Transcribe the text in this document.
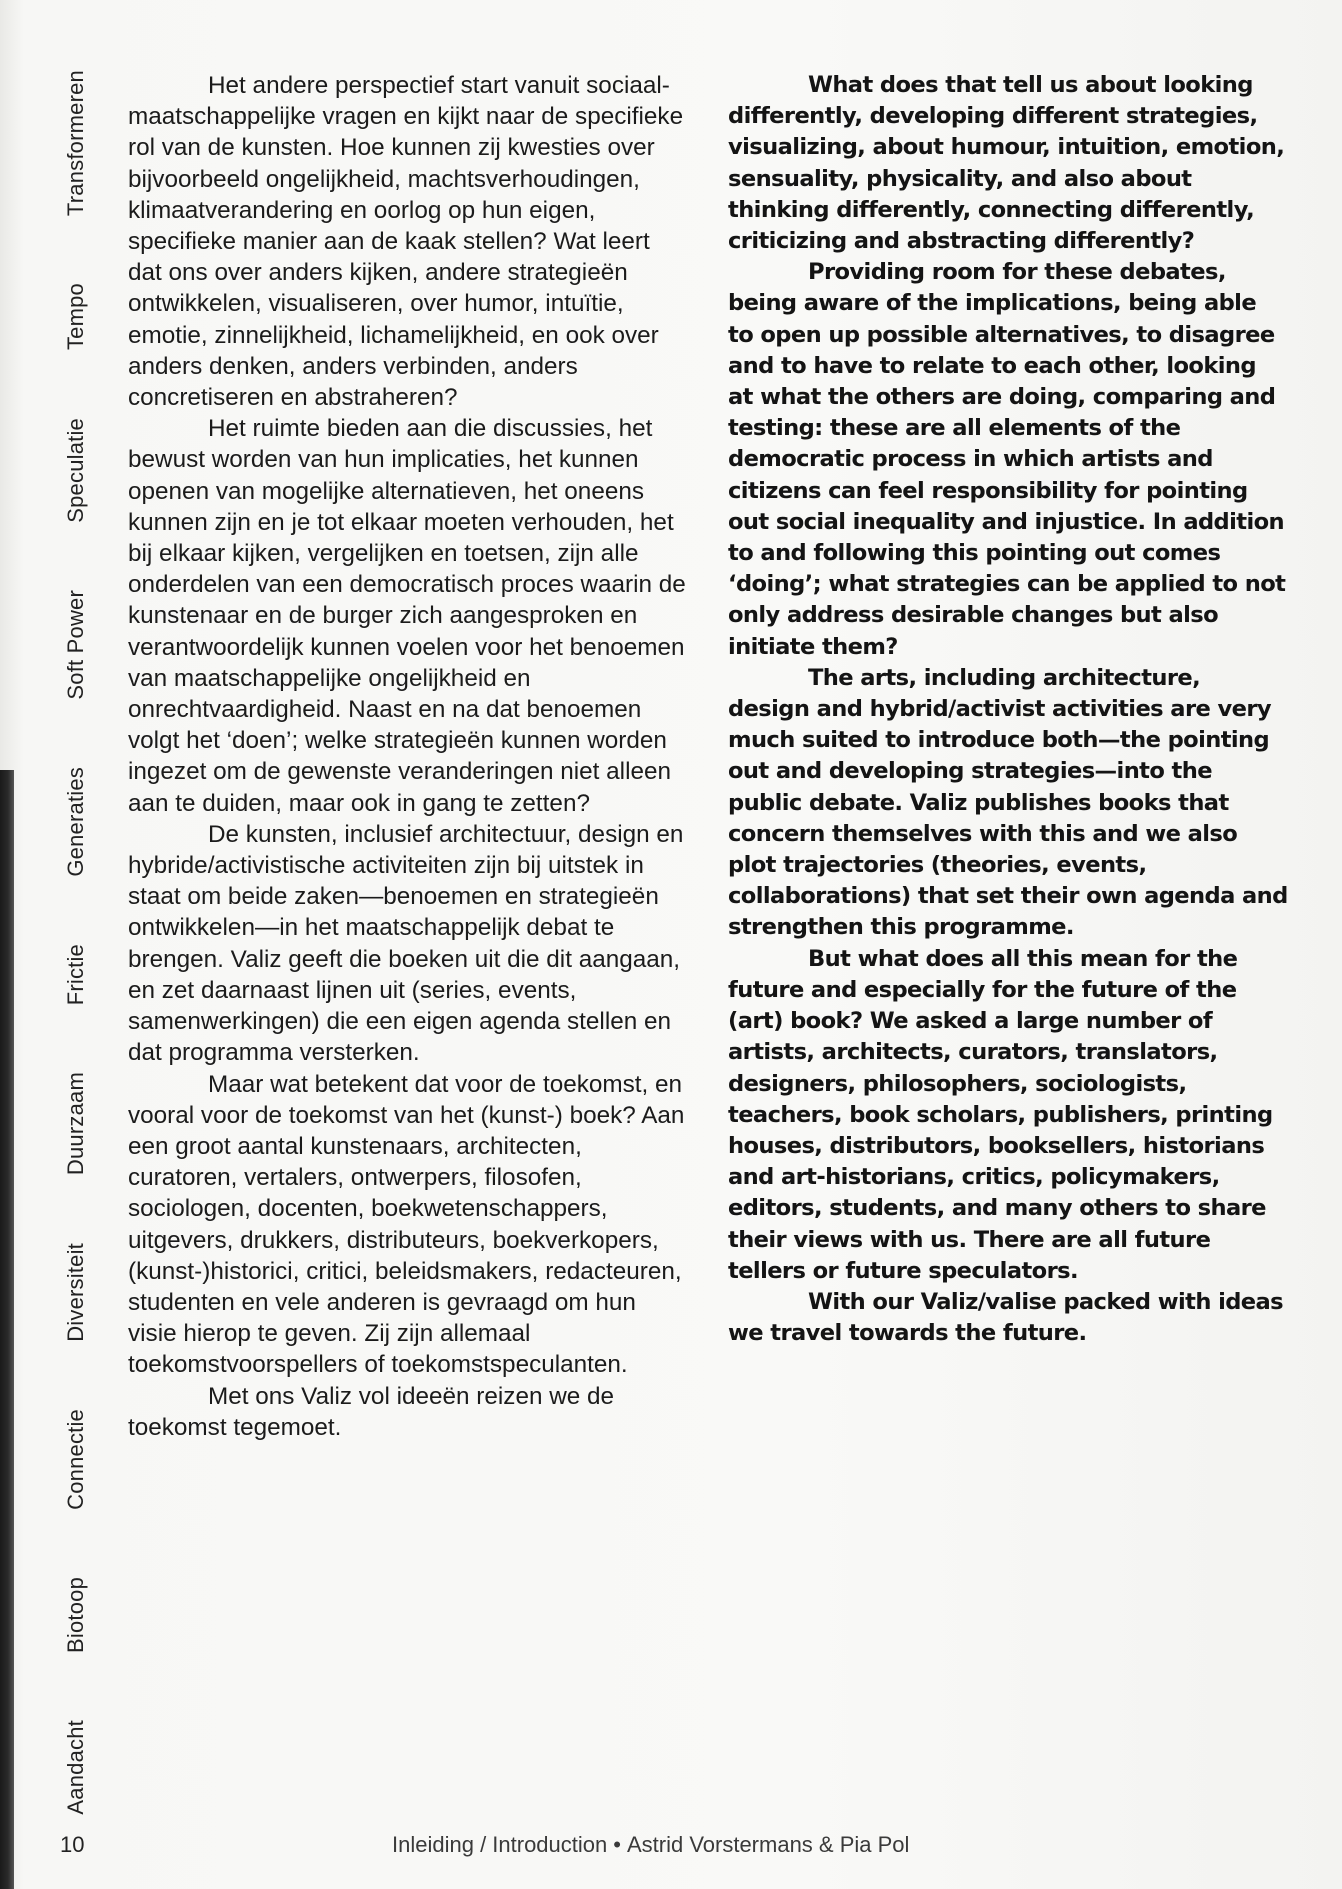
Aandacht
Biotoop
Connectie
Diversiteit
Duurzaam
Frictie
Generaties
Soft Power
Speculatie
Tempo
Transformeren	Het andere perspectief start vanuit sociaal-maatschappelijke vragen en kijkt naar de specifieke rol van de kunsten. Hoe kunnen zij kwesties over bijvoorbeeld ongelijkheid, machtsverhoudingen, klimaatverandering en oorlog op hun eigen, specifieke manier aan de kaak stellen? Wat leert dat ons over anders kijken, andere strategieën ontwikkelen, visualiseren, over humor, intuïtie, emotie, zinnelijkheid, lichamelijkheid, en ook over anders denken, anders verbinden, anders concretiseren en abstraheren?

Het ruimte bieden aan die discussies, het bewust worden van hun implicaties, het kunnen openen van mogelijke alternatieven, het oneens kunnen zijn en je tot elkaar moeten verhouden, het bij elkaar kijken, vergelijken en toetsen, zijn alle onderdelen van een democratisch proces waarin de kunstenaar en de burger zich aangesproken en verantwoordelijk kunnen voelen voor het benoemen van maatschappelijke ongelijkheid en onrechtvaardigheid. Naast en na dat benoemen volgt het ‘doen’; welke strategieën kunnen worden ingezet om de gewenste veranderingen niet alleen aan te duiden, maar ook in gang te zetten?

De kunsten, inclusief architectuur, design en hybride/activistische activiteiten zijn bij uitstek in staat om beide zaken—benoemen en strategieën ontwikkelen—in het maatschappelijk debat te brengen. Valiz geeft die boeken uit die dit aangaan, en zet daarnaast lijnen uit (series, events, samenwerkingen) die een eigen agenda stellen en dat programma versterken.

Maar wat betekent dat voor de toekomst, en vooral voor de toekomst van het (kunst-) boek? Aan een groot aantal kunstenaars, architecten, curatoren, vertalers, ontwerpers, filosofen, sociologen, docenten, boekwetenschappers, uitgevers, drukkers, distributeurs, boekverkopers, (kunst-)historici, critici, beleidsmakers, redacteuren, studenten en vele anderen is gevraagd om hun visie hierop te geven. Zij zijn allemaal toekomstvoorspellers of toekomstspeculanten.

Met ons Valiz vol ideeën reizen we de toekomst tegemoet.

What does that tell us about looking differently, developing different strategies, visualizing, about humour, intuition, emotion, sensuality, physicality, and also about thinking differently, connecting differently, criticizing and abstracting differently?

Providing room for these debates, being aware of the implications, being able to open up possible alternatives, to disagree and to have to relate to each other, looking at what the others are doing, comparing and testing: these are all elements of the democratic process in which artists and citizens can feel responsibility for pointing out social inequality and injustice. In addition to and following this pointing out comes ‘doing’; what strategies can be applied to not only address desirable changes but also initiate them?

The arts, including architecture, design and hybrid/activist activities are very much suited to introduce both—the pointing out and developing strategies—into the public debate. Valiz publishes books that concern themselves with this and we also plot trajectories (theories, events, collaborations) that set their own agenda and strengthen this programme.

But what does all this mean for the future and especially for the future of the (art) book? We asked a large number of artists, architects, curators, translators, designers, philosophers, sociologists, teachers, book scholars, publishers, printing houses, distributors, booksellers, historians and art-historians, critics, policymakers, editors, students, and many others to share their views with us. There are all future tellers or future speculators.

With our Valiz/valise packed with ideas we travel towards the future.

10	Inleiding / Introduction • Astrid Vorstermans & Pia Pol
